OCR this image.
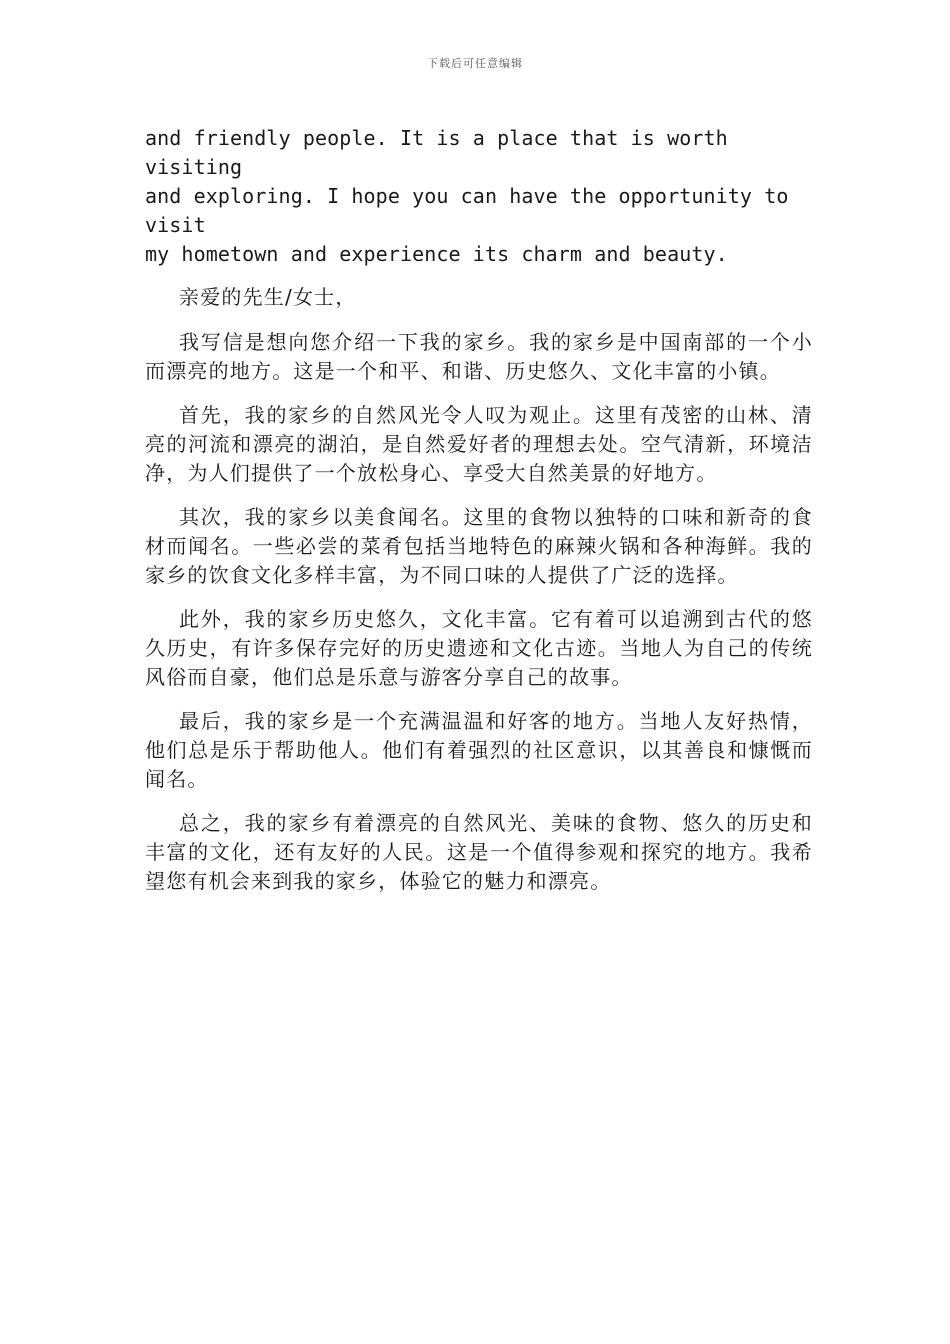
下载后可任意编辑

and friendly people. It is a place that is worth visiting
and exploring. I hope you can have the opportunity to visit
my hometown and experience its charm and beauty.

亲爱的先生/女士，

我写信是想向您介绍一下我的家乡。我的家乡是中国南部的一个小而漂亮的地方。这是一个和平、和谐、历史悠久、文化丰富的小镇。

首先，我的家乡的自然风光令人叹为观止。这里有茂密的山林、清亮的河流和漂亮的湖泊，是自然爱好者的理想去处。空气清新，环境洁净，为人们提供了一个放松身心、享受大自然美景的好地方。

其次，我的家乡以美食闻名。这里的食物以独特的口味和新奇的食材而闻名。一些必尝的菜肴包括当地特色的麻辣火锅和各种海鲜。我的家乡的饮食文化多样丰富，为不同口味的人提供了广泛的选择。

此外，我的家乡历史悠久，文化丰富。它有着可以追溯到古代的悠久历史，有许多保存完好的历史遗迹和文化古迹。当地人为自己的传统风俗而自豪，他们总是乐意与游客分享自己的故事。

最后，我的家乡是一个充满温温和好客的地方。当地人友好热情，他们总是乐于帮助他人。他们有着强烈的社区意识，以其善良和慷慨而闻名。

总之，我的家乡有着漂亮的自然风光、美味的食物、悠久的历史和丰富的文化，还有友好的人民。这是一个值得参观和探究的地方。我希望您有机会来到我的家乡，体验它的魅力和漂亮。
